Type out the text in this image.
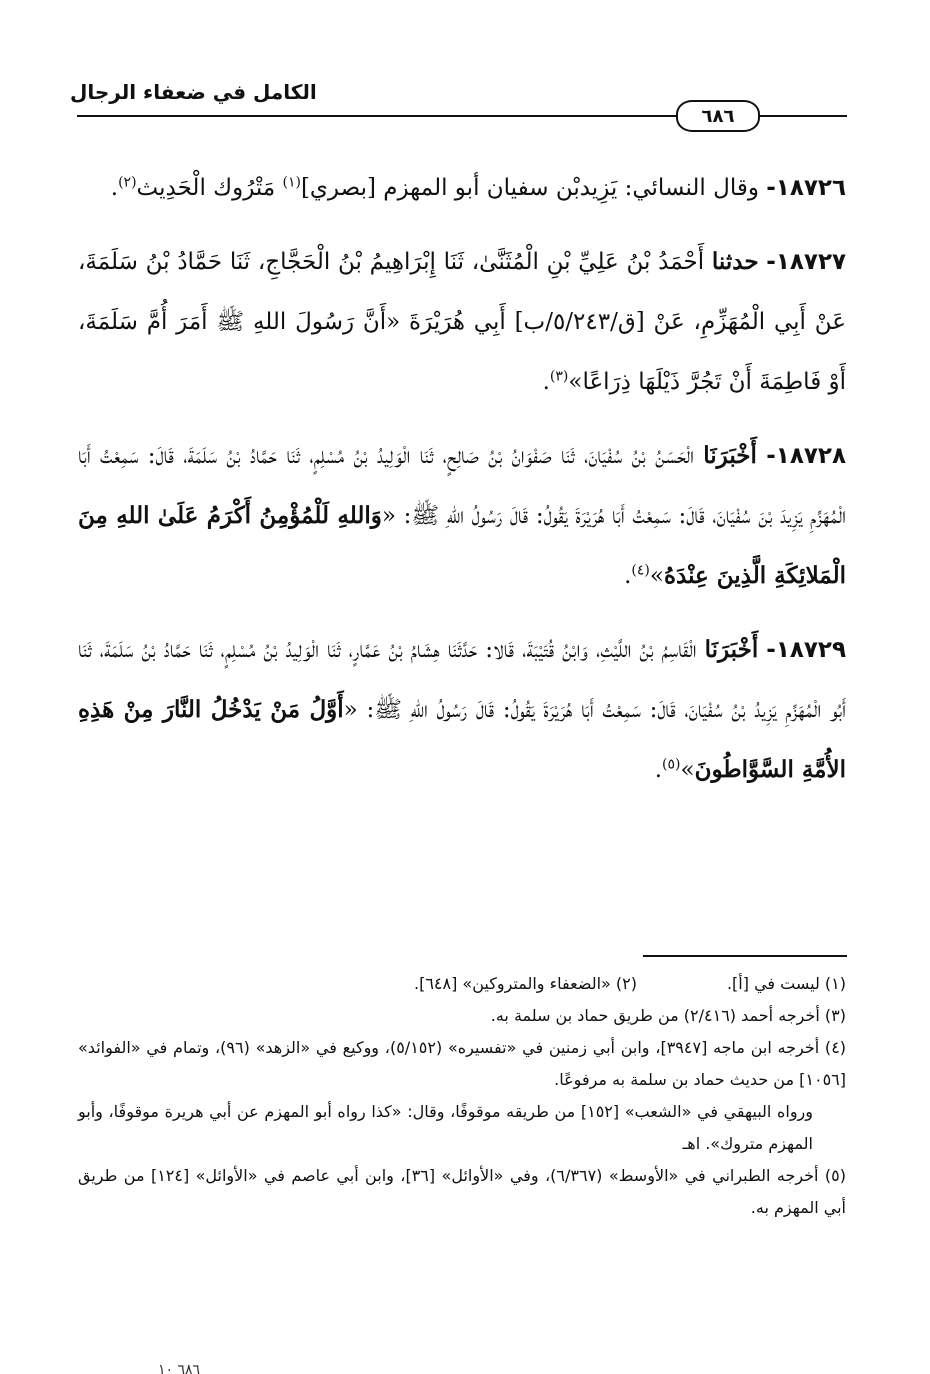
الكامل في ضعفاء الرجال
٦٨٦

١٨٧٢٦- وقال النسائي: يَزِيدبْن سفيان أبو المهزم [بصري]$^{(١)}$ مَتْرُوك الْحَدِيث$^{(٢)}$.

١٨٧٢٧- حدثنا أَحْمَدُ بْنُ عَلِيِّ بْنِ الْمُثَنَّىٰ، ثَنَا إِبْرَاهِيمُ بْنُ الْحَجَّاجِ، ثَنَا حَمَّادُ بْنُ سَلَمَةَ، عَنْ أَبِي الْمُهَزِّمِ، عَنْ [ق/٥/٢٤٣/ب] أَبِي هُرَيْرَةَ «أَنَّ رَسُولَ اللهِ ﷺ أَمَرَ أُمَّ سَلَمَةَ، أَوْ فَاطِمَةَ أَنْ تَجُرَّ ذَيْلَهَا ذِرَاعًا»$^{(٣)}$.

١٨٧٢٨- أَخْبَرَنَا الْحَسَنُ بْنُ سُفْيَانَ، ثَنَا صَفْوَانُ بْنُ صَالِحٍ، ثَنَا الْوَلِيدُ بْنُ مُسْلِمٍ، ثَنَا حَمَّادُ بْنُ سَلَمَةَ، قَالَ: سَمِعْتُ أَبَا الْمُهَزِّمِ يَزِيدَ بْنَ سُفْيَانَ، قَالَ: سَمِعْتُ أَبَا هُرَيْرَةَ يَقُولُ: قَالَ رَسُولُ اللهِ ﷺ: «وَاللهِ لَلْمُؤْمِنُ أَكْرَمُ عَلَىٰ اللهِ مِنَ الْمَلائِكَةِ الَّذِينَ عِنْدَهُ»$^{(٤)}$.

١٨٧٢٩- أَخْبَرَنَا الْقَاسِمُ بْنُ اللَّيْثِ، وَابْنُ قُتَيْبَةَ، قَالا: حَدَّثَنَا هِشَامُ بْنُ عَمَّارٍ، ثَنَا الْوَلِيدُ بْنُ مُسْلِمٍ، ثَنَا حَمَّادُ بْنُ سَلَمَةَ، ثَنَا أَبُو الْمُهَزِّمِ يَزِيدُ بْنُ سُفْيَانَ، قَالَ: سَمِعْتُ أَبَا هُرَيْرَةَ يَقُولُ: قَالَ رَسُولُ اللهِ ﷺ: «أَوَّلُ مَنْ يَدْخُلُ النَّارَ مِنْ هَذِهِ الأُمَّةِ السَّوَّاطُونَ»$^{(٥)}$.

(١) ليست في [أ].

(٢) «الضعفاء والمتروكين» [٦٤٨].

(٣) أخرجه أحمد (٢/٤١٦) من طريق حماد بن سلمة به.

(٤) أخرجه ابن ماجه [٣٩٤٧]، وابن أبي زمنين في «تفسيره» (٥/١٥٢)، ووكيع في «الزهد» (٩٦)، وتمام في «الفوائد» [١٠٥٦] من حديث حماد بن سلمة به مرفوعًا.

ورواه البيهقي في «الشعب» [١٥٢] من طريقه موقوفًا، وقال: «كذا رواه أبو المهزم عن أبي هريرة موقوفًا، وأبو المهزم متروك». اهـ

(٥) أخرجه الطبراني في «الأوسط» (٦/٣٦٧)، وفي «الأوائل» [٣٦]، وابن أبي عاصم في «الأوائل» [١٢٤] من طريق أبي المهزم به.

٦٨٦ ١٠
